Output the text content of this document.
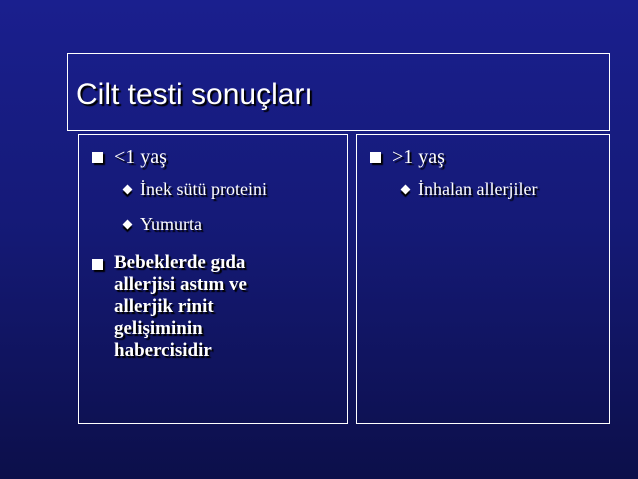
Cilt testi sonuçları
<1 yaş
İnek sütü proteini
Yumurta
Bebeklerde gıda
allerjisi astım ve
allerjik rinit
gelişiminin
habercisidir
>1 yaş
İnhalan allerjiler
